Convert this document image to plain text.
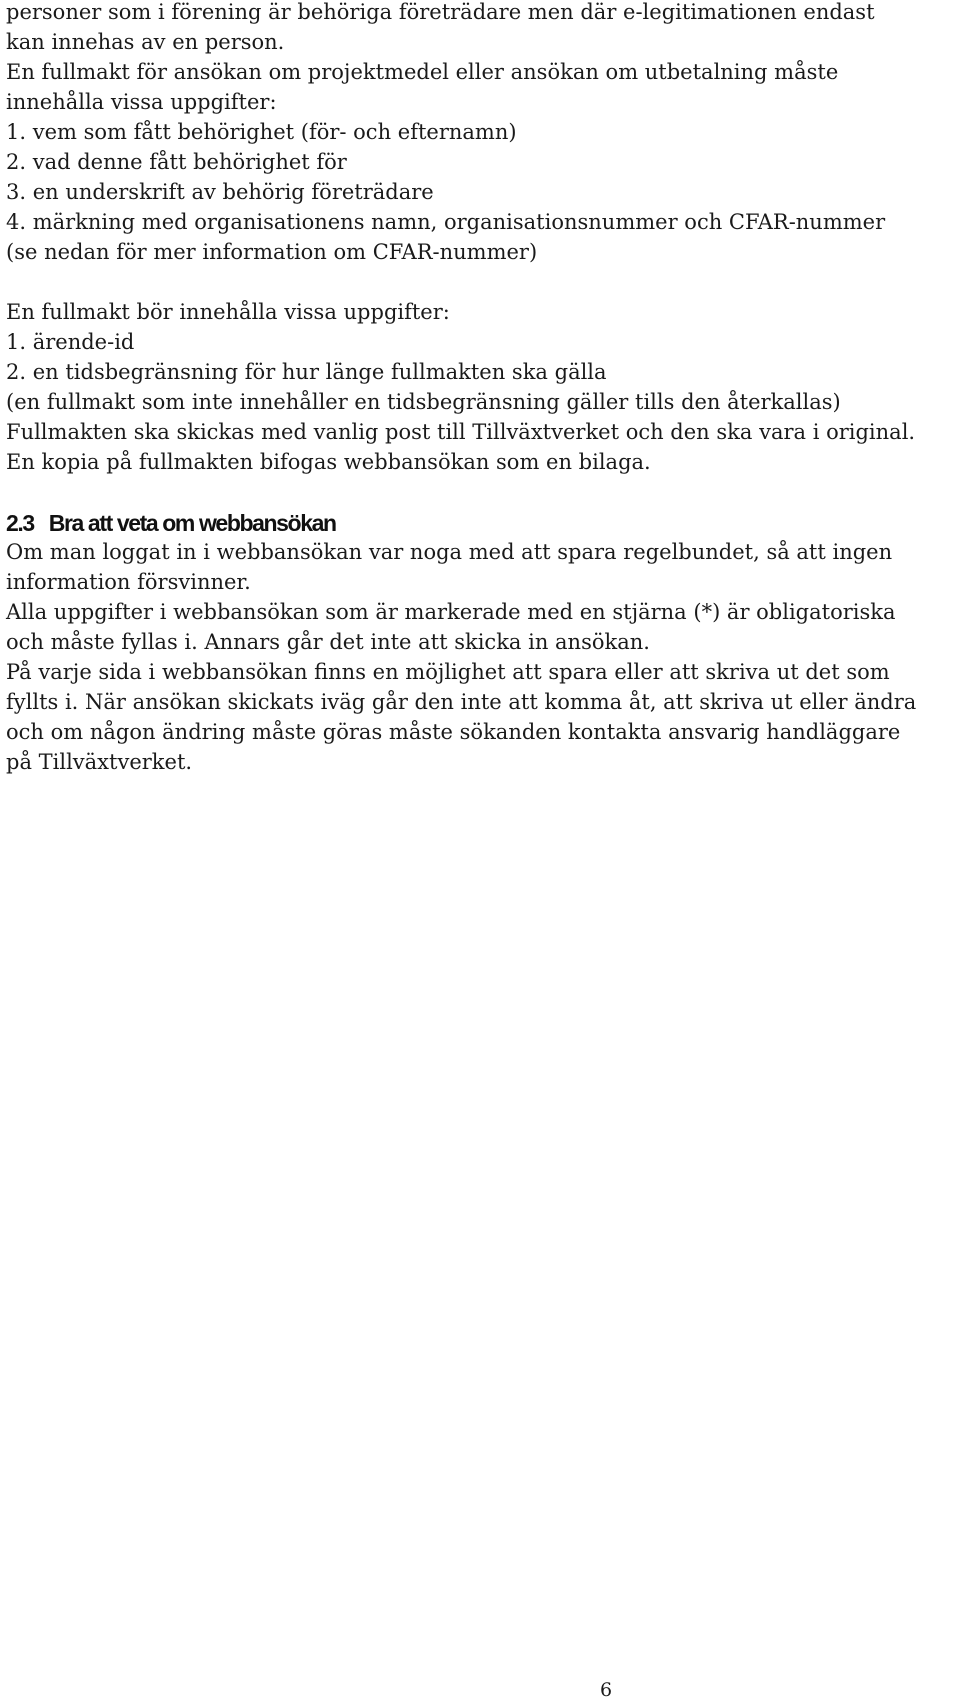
personer som i förening är behöriga företrädare men där e-legitimationen endast
kan innehas av en person.
En fullmakt för ansökan om projektmedel eller ansökan om utbetalning måste
innehålla vissa uppgifter:
1. vem som fått behörighet (för- och efternamn)
2. vad denne fått behörighet för
3. en underskrift av behörig företrädare
4. märkning med organisationens namn, organisationsnummer och CFAR-nummer
(se nedan för mer information om CFAR-nummer)
En fullmakt bör innehålla vissa uppgifter:
1. ärende-id
2. en tidsbegränsning för hur länge fullmakten ska gälla
(en fullmakt som inte innehåller en tidsbegränsning gäller tills den återkallas)
Fullmakten ska skickas med vanlig post till Tillväxtverket och den ska vara i original.
En kopia på fullmakten bifogas webbansökan som en bilaga.
2.3 Bra att veta om webbansökan
Om man loggat in i webbansökan var noga med att spara regelbundet, så att ingen
information försvinner.
Alla uppgifter i webbansökan som är markerade med en stjärna (*) är obligatoriska
och måste fyllas i. Annars går det inte att skicka in ansökan.
På varje sida i webbansökan finns en möjlighet att spara eller att skriva ut det som
fyllts i. När ansökan skickats iväg går den inte att komma åt, att skriva ut eller ändra
och om någon ändring måste göras måste sökanden kontakta ansvarig handläggare
på Tillväxtverket.
6
